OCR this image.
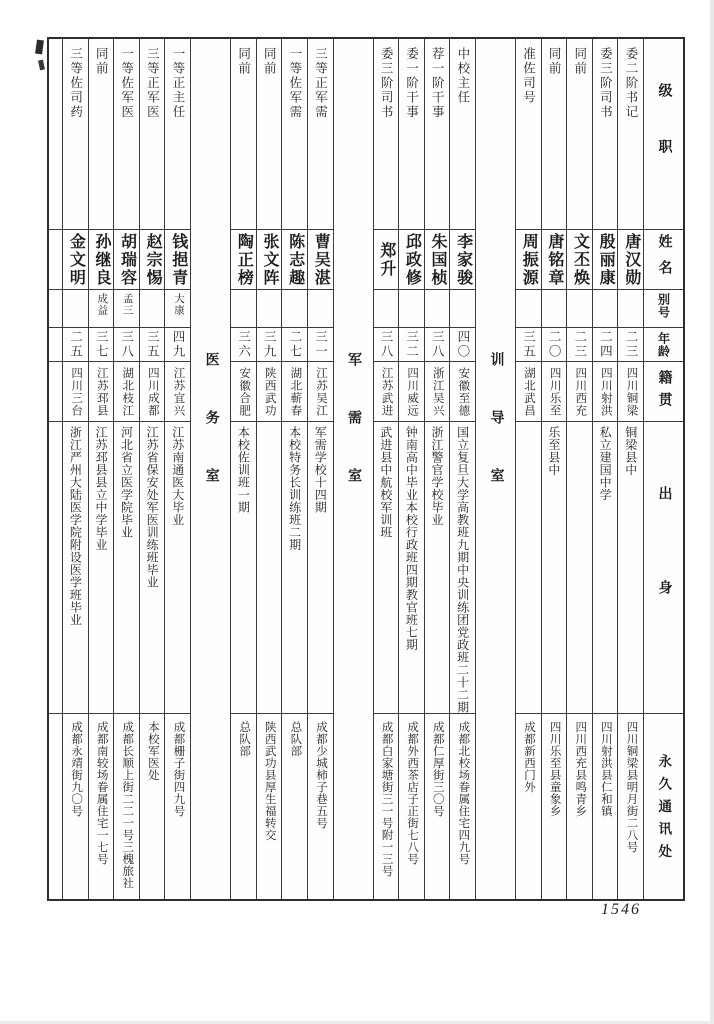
级职
姓名
别号
年龄
籍贯
出身
永久通讯处
委二阶书记
唐汉勋
二三
四川铜梁
铜梁县中
四川铜梁县明月街二八号
委三阶司书
殷丽康
二四
四川射洪
私立建国中学
四川射洪县仁和镇
同前
文丕焕
二三
四川西充
四川西充县鸣青乡
同前
唐铭章
二〇
四川乐至
乐至县中
四川乐至县童象乡
准佐司号
周振源
三五
湖北武昌
成都新西门外
训导室
中校主任
李家骏
四〇
安徽至德
国立复旦大学高教班九期中央训练团党政班二十二期
成都北校场眷属住宅四九号
荐一阶干事
朱国桢
三八
浙江吴兴
浙江警官学校毕业
成都仁厚街三〇号
委一阶干事
邱政修
三二
四川威远
钟南高中毕业本校行政班四期教官班七期
成都外西茶店子正街七八号
委三阶司书
郑升
三八
江苏武进
武进县中航校军训班
成都白家塘街三一号附一三号
军需室
三等正军需
曹吴湛
三一
江苏吴江
军需学校十四期
成都少城柿子巷五号
一等佐军需
陈志趣
二七
湖北蕲春
本校特务长训练班二期
总队部
同前
张文阵
三九
陕西武功
陕西武功县厚生福转交
同前
陶正榜
三六
安徽合肥
本校佐训班一期
总队部
医务室
一等正主任
钱挹青
大康
四九
江苏宜兴
江苏南通医大毕业
成都栅子街四九号
三等正军医
赵宗惕
三五
四川成都
江苏省保安处军医训练班毕业
本校军医处
一等佐军医
胡瑞容
孟三
三八
湖北枝江
河北省立医学院毕业
成都长顺上街二二一号三槐旅社
同前
孙继良
成益
三七
江苏邳县
江苏邳县县立中学毕业
成都南较场眷属住宅一七号
三等佐司药
金文明
二五
四川三台
浙江严州大陆医学院附设医学班毕业
成都永靖街九〇号
1546
